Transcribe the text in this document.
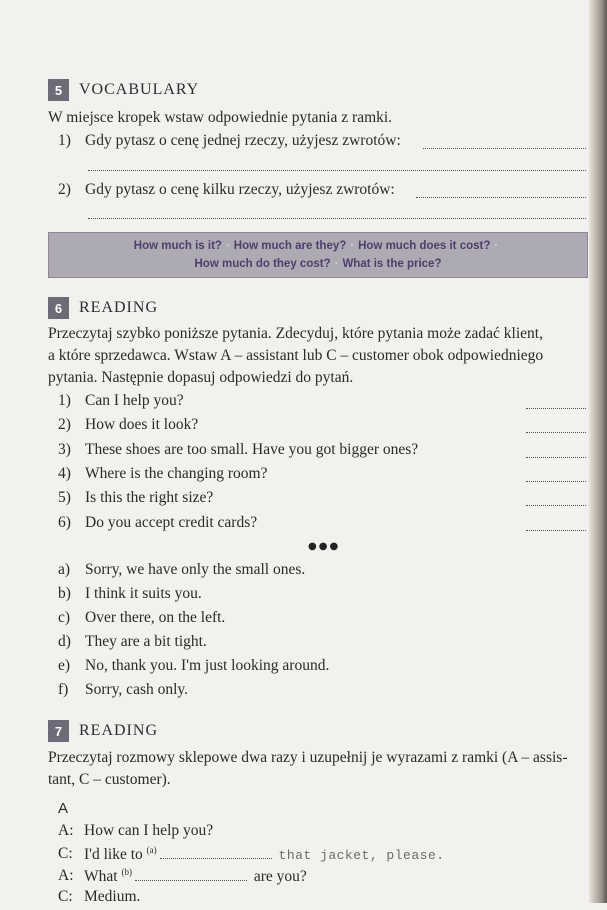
5	VOCABULARY
W miejsce kropek wstaw odpowiednie pytania z ramki.
1) Gdy pytasz o cenę jednej rzeczy, użyjesz zwrotów:
2) Gdy pytasz o cenę kilku rzeczy, użyjesz zwrotów:
How much is it? · How much are they? · How much does it cost? ·
How much do they cost? · What is the price?
6	READING
Przeczytaj szybko poniższe pytania. Zdecyduj, które pytania może zadać klient,
a które sprzedawca. Wstaw A – assistant lub C – customer obok odpowiedniego
pytania. Następnie dopasuj odpowiedzi do pytań.
1) Can I help you?
2) How does it look?
3) These shoes are too small. Have you got bigger ones?
4) Where is the changing room?
5) Is this the right size?
6) Do you accept credit cards?
●●●
a) Sorry, we have only the small ones.
b) I think it suits you.
c) Over there, on the left.
d) They are a bit tight.
e) No, thank you. I'm just looking around.
f)	Sorry, cash only.
7	READING
Przeczytaj rozmowy sklepowe dwa razy i uzupełnij je wyrazami z ramki (A – assis-
tant, C – customer).
A
A: How can I help you?
C: I'd like to $^{(a)}$	that jacket, please.
A: What $^{(b)}$	are you?
C: Medium.
